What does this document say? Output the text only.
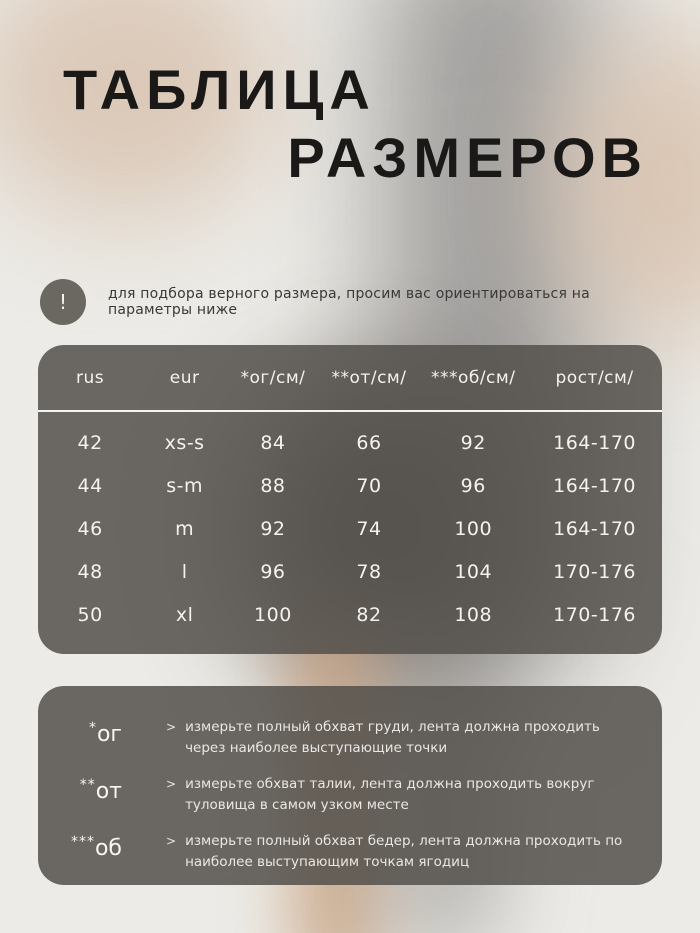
ТАБЛИЦА
РАЗМЕРОВ
!	для подбора верного размера, просим вас ориентироваться на параметры ниже
rus	eur	*ог/см/	**от/см/	***об/см/	рост/см/
42	xs-s	84	66	92	164-170
44	s-m	88	70	96	164-170
46	m	92	74	100	164-170
48	l	96	78	104	170-176
50	xl	100	82	108	170-176
*ог	> измерьте полный обхват груди, лента должна проходить через наиболее выступающие точки
**от	> измерьте обхват талии, лента должна проходить вокруг туловища в самом узком месте
***об	> измерьте полный обхват бедер, лента должна проходить по наиболее выступающим точкам ягодиц
